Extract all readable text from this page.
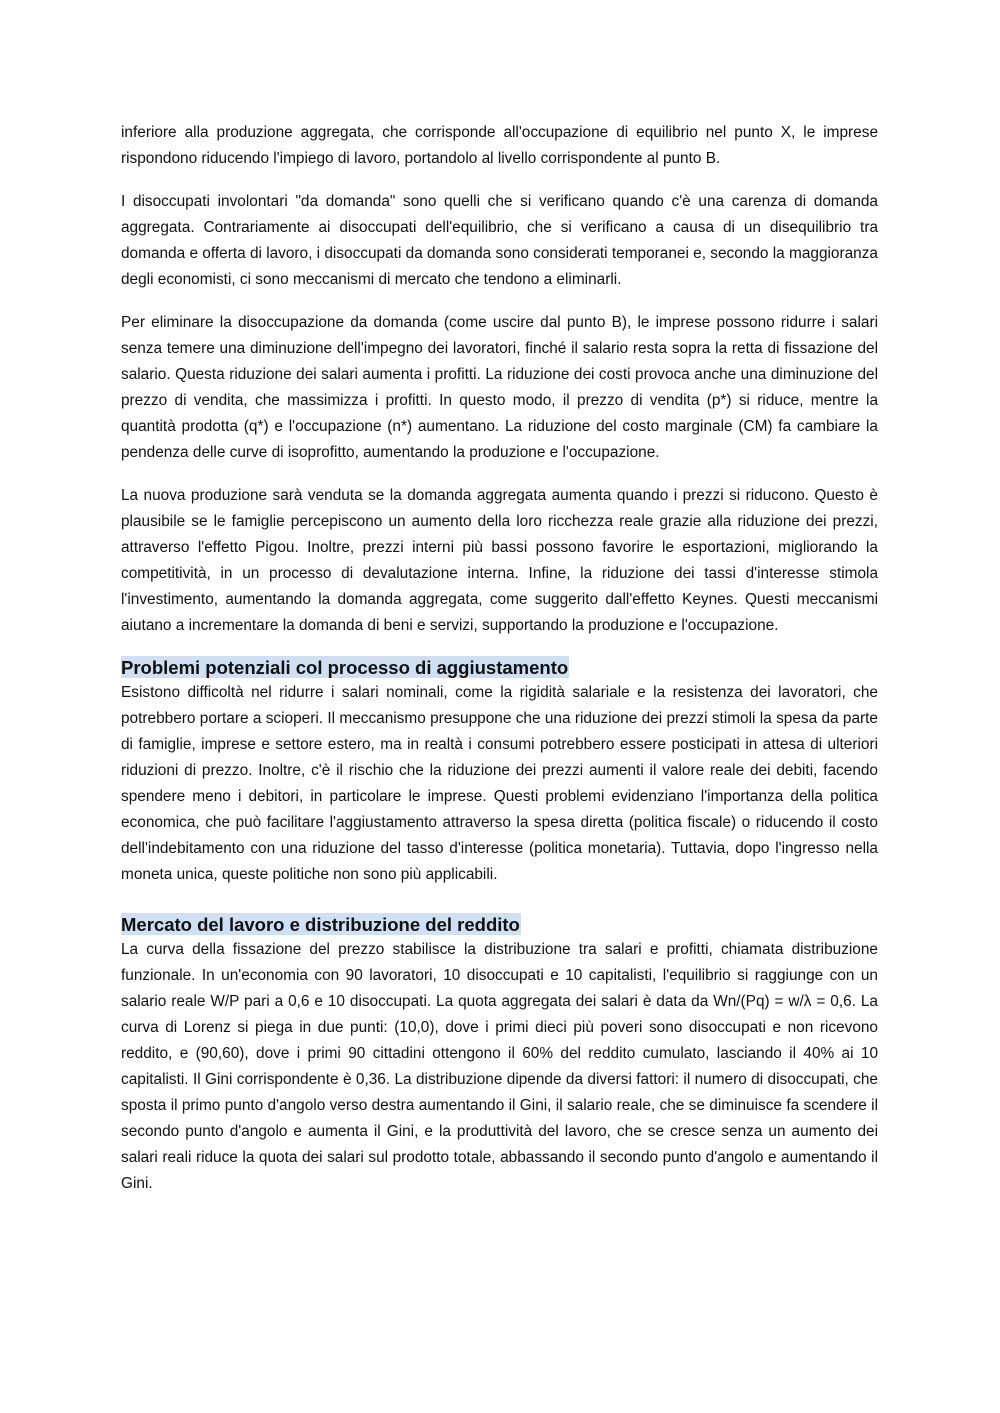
inferiore alla produzione aggregata, che corrisponde all'occupazione di equilibrio nel punto X, le imprese rispondono riducendo l'impiego di lavoro, portandolo al livello corrispondente al punto B.

I disoccupati involontari "da domanda" sono quelli che si verificano quando c'è una carenza di domanda aggregata. Contrariamente ai disoccupati dell'equilibrio, che si verificano a causa di un disequilibrio tra domanda e offerta di lavoro, i disoccupati da domanda sono considerati temporanei e, secondo la maggioranza degli economisti, ci sono meccanismi di mercato che tendono a eliminarli.

Per eliminare la disoccupazione da domanda (come uscire dal punto B), le imprese possono ridurre i salari senza temere una diminuzione dell'impegno dei lavoratori, finché il salario resta sopra la retta di fissazione del salario. Questa riduzione dei salari aumenta i profitti. La riduzione dei costi provoca anche una diminuzione del prezzo di vendita, che massimizza i profitti. In questo modo, il prezzo di vendita (p*) si riduce, mentre la quantità prodotta (q*) e l'occupazione (n*) aumentano. La riduzione del costo marginale (CM) fa cambiare la pendenza delle curve di isoprofitto, aumentando la produzione e l'occupazione.

La nuova produzione sarà venduta se la domanda aggregata aumenta quando i prezzi si riducono. Questo è plausibile se le famiglie percepiscono un aumento della loro ricchezza reale grazie alla riduzione dei prezzi, attraverso l'effetto Pigou. Inoltre, prezzi interni più bassi possono favorire le esportazioni, migliorando la competitività, in un processo di devalutazione interna. Infine, la riduzione dei tassi d'interesse stimola l'investimento, aumentando la domanda aggregata, come suggerito dall'effetto Keynes. Questi meccanismi aiutano a incrementare la domanda di beni e servizi, supportando la produzione e l'occupazione.

Problemi potenziali col processo di aggiustamento

Esistono difficoltà nel ridurre i salari nominali, come la rigidità salariale e la resistenza dei lavoratori, che potrebbero portare a scioperi. Il meccanismo presuppone che una riduzione dei prezzi stimoli la spesa da parte di famiglie, imprese e settore estero, ma in realtà i consumi potrebbero essere posticipati in attesa di ulteriori riduzioni di prezzo. Inoltre, c'è il rischio che la riduzione dei prezzi aumenti il valore reale dei debiti, facendo spendere meno i debitori, in particolare le imprese. Questi problemi evidenziano l'importanza della politica economica, che può facilitare l'aggiustamento attraverso la spesa diretta (politica fiscale) o riducendo il costo dell'indebitamento con una riduzione del tasso d'interesse (politica monetaria). Tuttavia, dopo l'ingresso nella moneta unica, queste politiche non sono più applicabili.

Mercato del lavoro e distribuzione del reddito

La curva della fissazione del prezzo stabilisce la distribuzione tra salari e profitti, chiamata distribuzione funzionale. In un'economia con 90 lavoratori, 10 disoccupati e 10 capitalisti, l'equilibrio si raggiunge con un salario reale W/P pari a 0,6 e 10 disoccupati. La quota aggregata dei salari è data da Wn/(Pq) = w/λ = 0,6. La curva di Lorenz si piega in due punti: (10,0), dove i primi dieci più poveri sono disoccupati e non ricevono reddito, e (90,60), dove i primi 90 cittadini ottengono il 60% del reddito cumulato, lasciando il 40% ai 10 capitalisti. Il Gini corrispondente è 0,36. La distribuzione dipende da diversi fattori: il numero di disoccupati, che sposta il primo punto d'angolo verso destra aumentando il Gini, il salario reale, che se diminuisce fa scendere il secondo punto d'angolo e aumenta il Gini, e la produttività del lavoro, che se cresce senza un aumento dei salari reali riduce la quota dei salari sul prodotto totale, abbassando il secondo punto d'angolo e aumentando il Gini.
